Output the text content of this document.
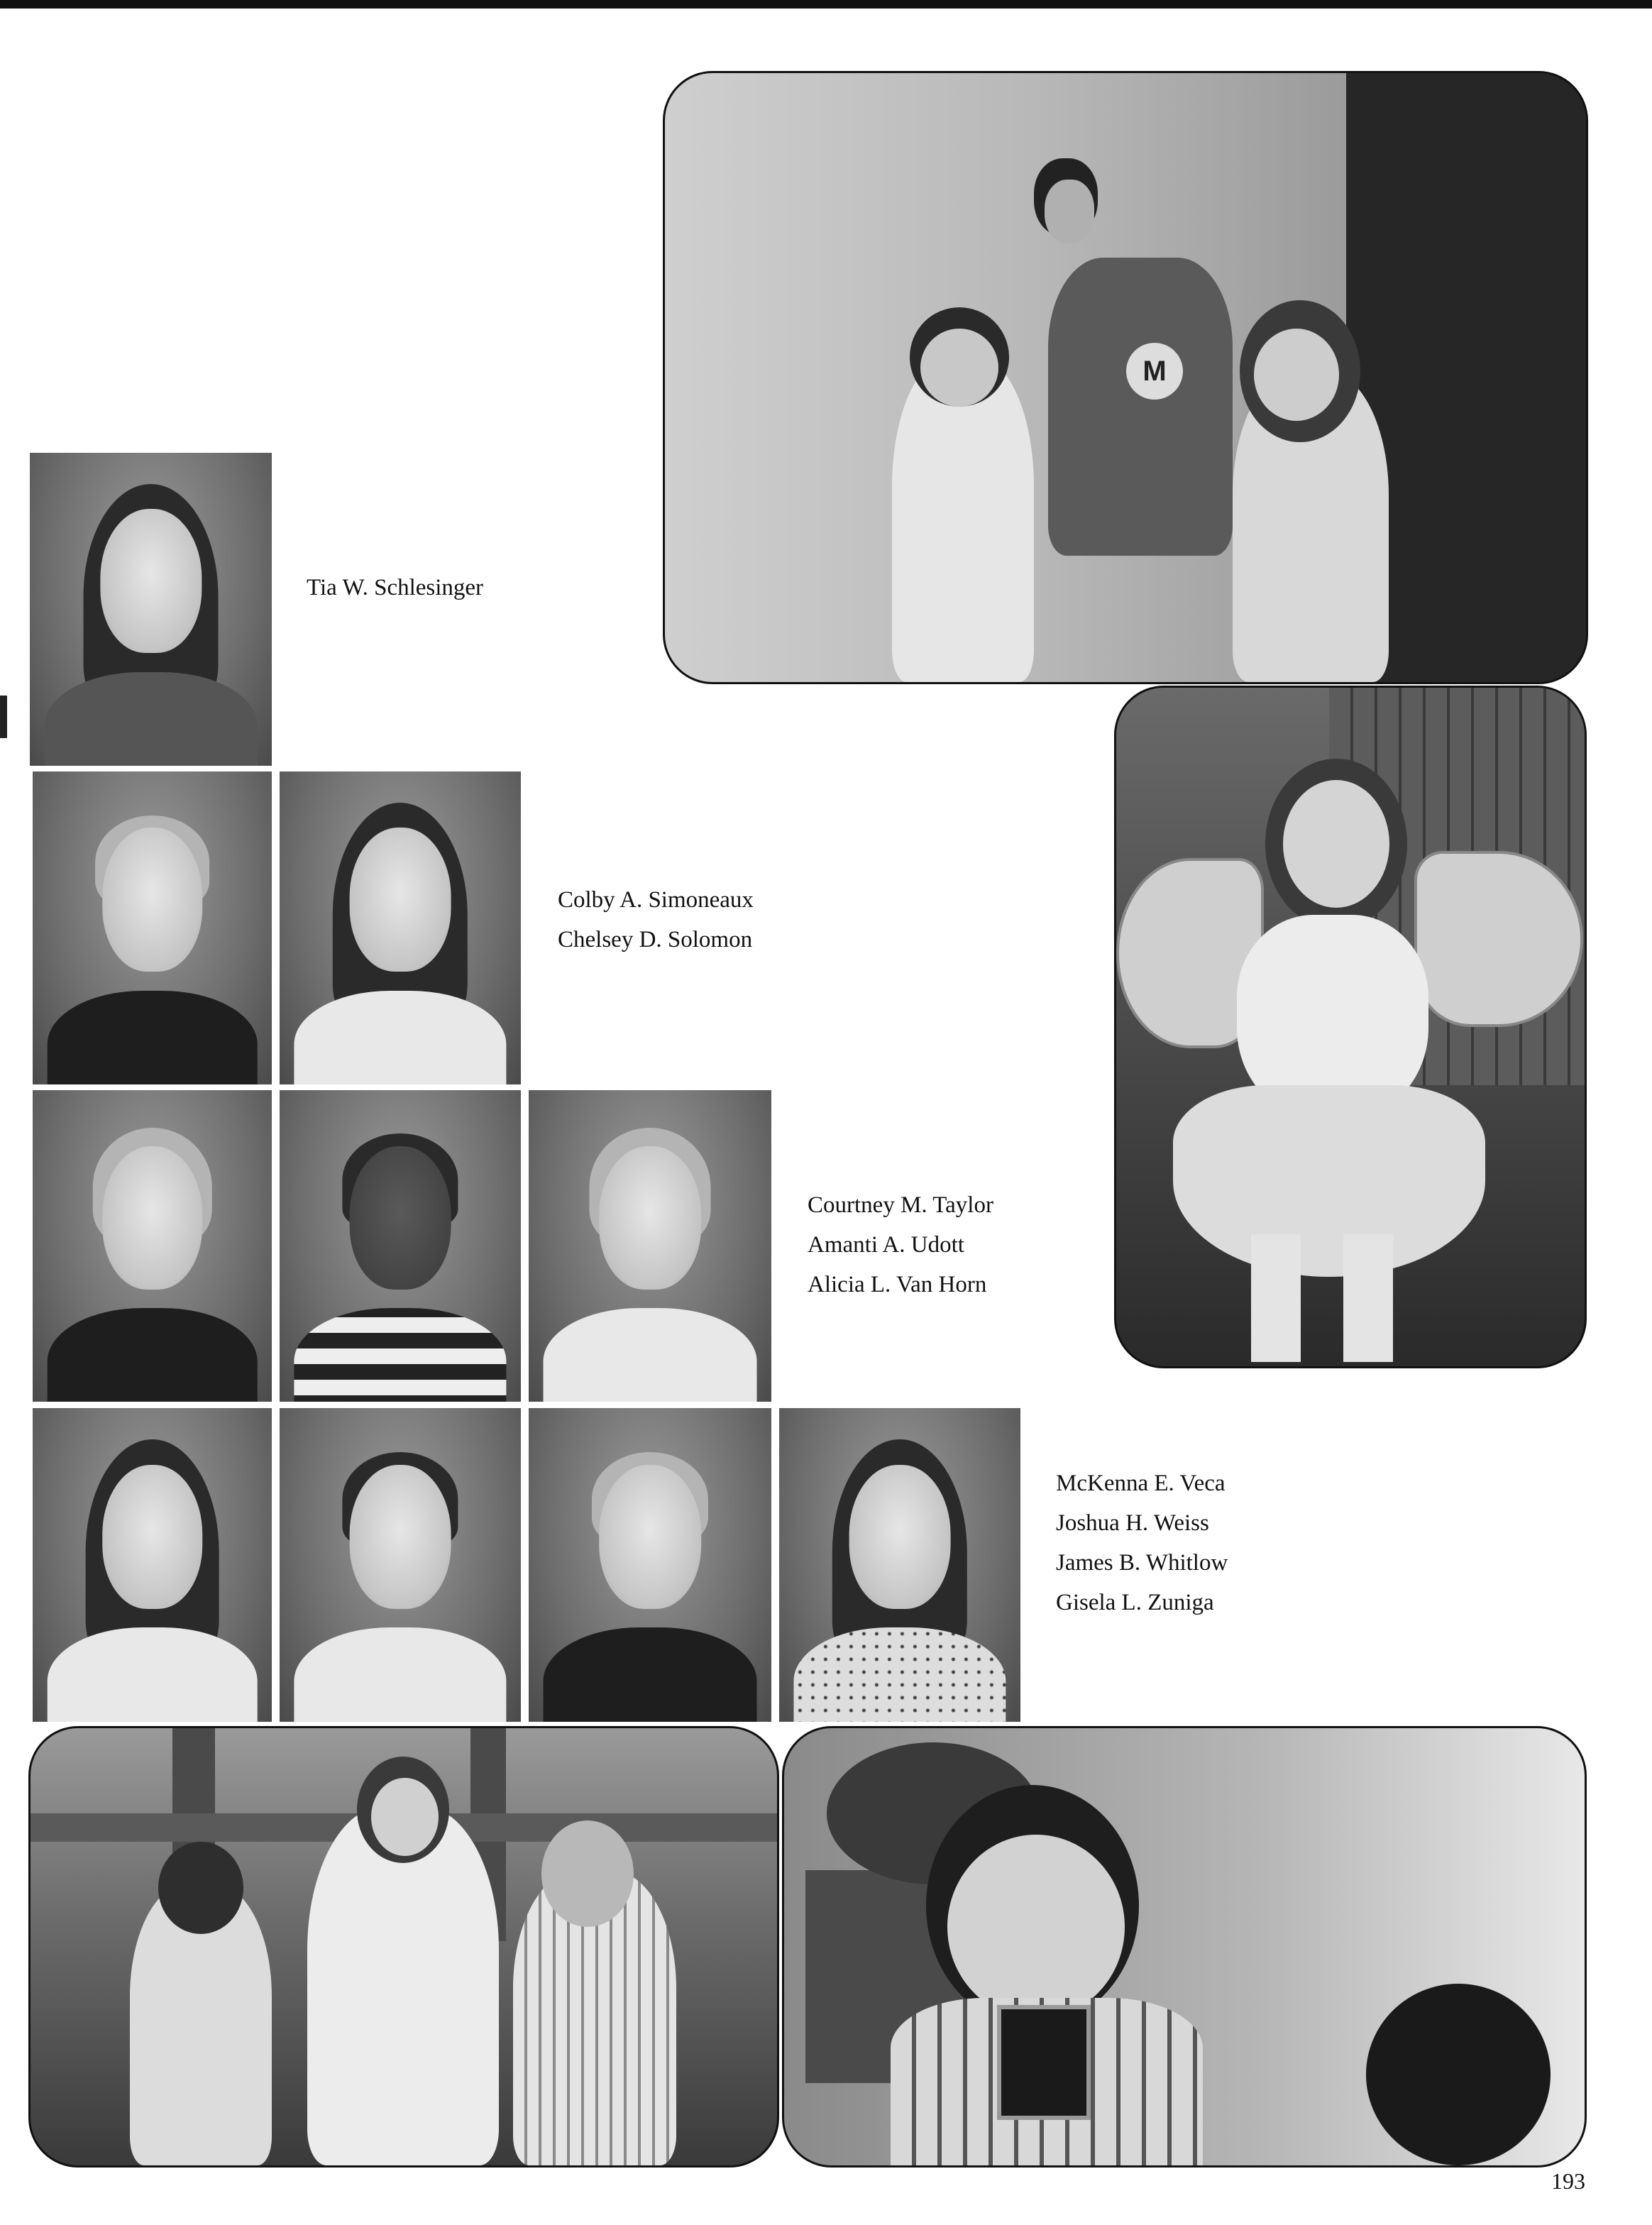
M
Tia W. Schlesinger
Colby A. Simoneaux
Chelsey D. Solomon
Courtney M. Taylor
Amanti A. Udott
Alicia L. Van Horn
McKenna E. Veca
Joshua H. Weiss
James B. Whitlow
Gisela L. Zuniga
193
